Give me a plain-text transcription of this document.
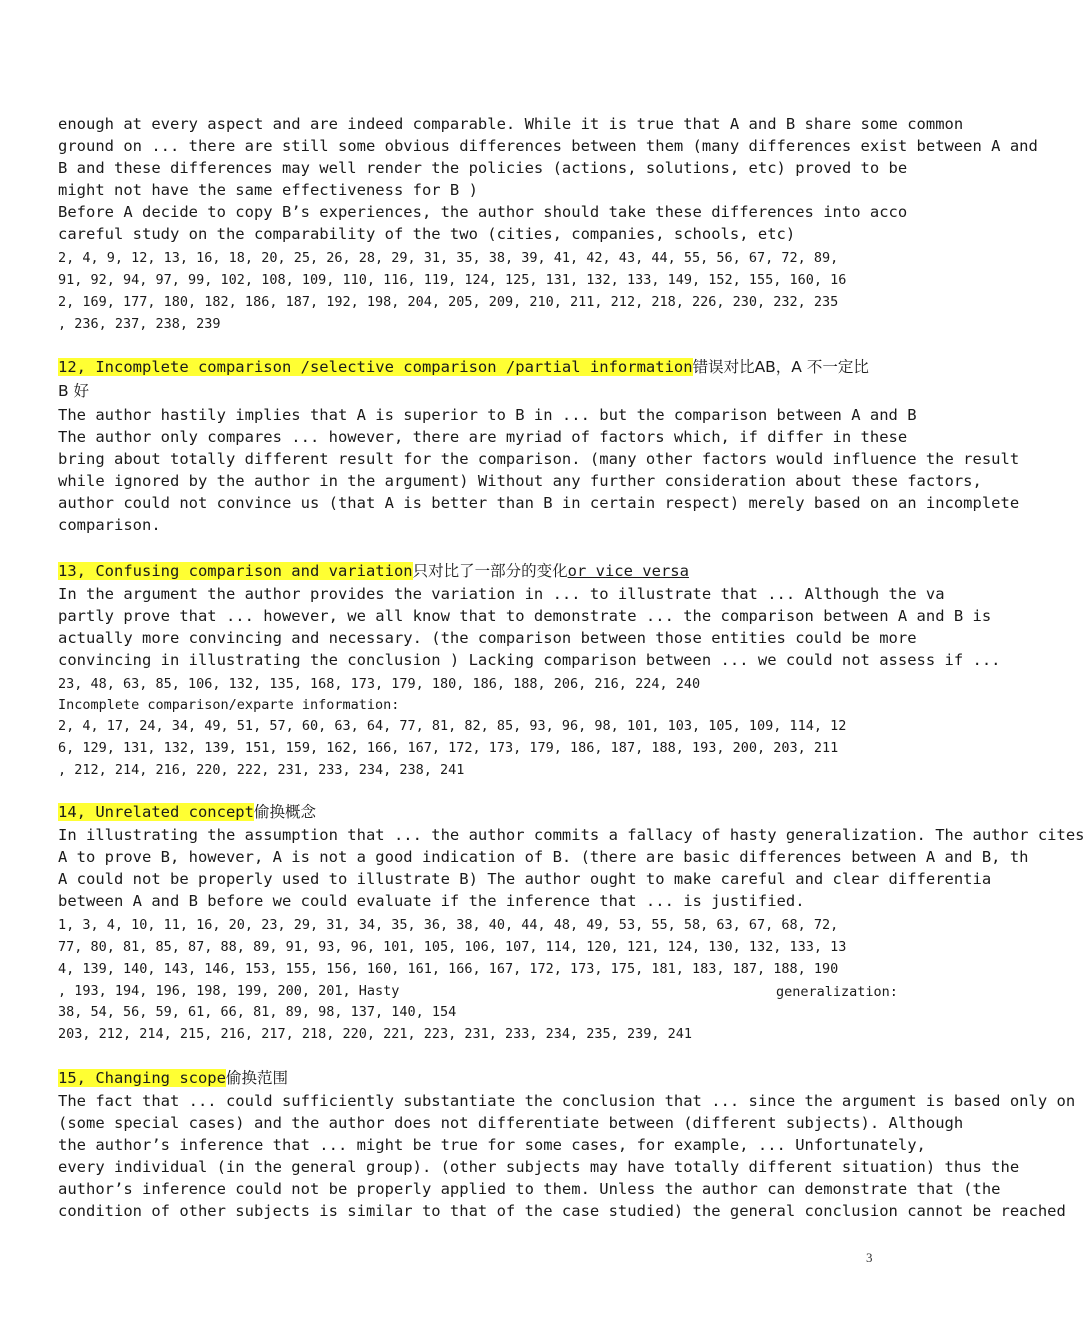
enough at every aspect and are indeed comparable. While it is true that A and B share some common
ground on ... there are still some obvious differences between them (many differences exist between A and
B and these differences may well render the policies (actions, solutions, etc) proved to be
might not have the same effectiveness for B )
Before A decide to copy B’s experiences, the author should take these differences into acco
careful study on the comparability of the two (cities, companies, schools, etc)
2, 4, 9, 12, 13, 16, 18, 20, 25, 26, 28, 29, 31, 35, 38, 39, 41, 42, 43, 44, 55, 56, 67, 72, 89,
91, 92, 94, 97, 99, 102, 108, 109, 110, 116, 119, 124, 125, 131, 132, 133, 149, 152, 155, 160, 16
2, 169, 177, 180, 182, 186, 187, 192, 198, 204, 205, 209, 210, 211, 212, 218, 226, 230, 232, 235
, 236, 237, 238, 239
12, Incomplete comparison /selective comparison /partial information错误对比AB，A 不一定比
B 好
The author hastily implies that A is superior to B in ... but the comparison between A and B
The author only compares ... however, there are myriad of factors which, if differ in these
bring about totally different result for the comparison. (many other factors would influence the result
while ignored by the author in the argument) Without any further consideration about these factors,
author could not convince us (that A is better than B in certain respect) merely based on an incomplete
comparison.
13, Confusing comparison and variation只对比了一部分的变化or vice versa
In the argument the author provides the variation in ... to illustrate that ... Although the va
partly prove that ... however, we all know that to demonstrate ... the comparison between A and B is
actually more convincing and necessary. (the comparison between those entities could be more
convincing in illustrating the conclusion ) Lacking comparison between ... we could not assess if ...
23, 48, 63, 85, 106, 132, 135, 168, 173, 179, 180, 186, 188, 206, 216, 224, 240
Incomplete comparison/exparte information:
2, 4, 17, 24, 34, 49, 51, 57, 60, 63, 64, 77, 81, 82, 85, 93, 96, 98, 101, 103, 105, 109, 114, 12
6, 129, 131, 132, 139, 151, 159, 162, 166, 167, 172, 173, 179, 186, 187, 188, 193, 200, 203, 211
, 212, 214, 216, 220, 222, 231, 233, 234, 238, 241
14, Unrelated concept偷换概念
In illustrating the assumption that ... the author commits a fallacy of hasty generalization. The author cites
A to prove B, however, A is not a good indication of B. (there are basic differences between A and B, th
A could not be properly used to illustrate B) The author ought to make careful and clear differentia
between A and B before we could evaluate if the inference that ... is justified.
1, 3, 4, 10, 11, 16, 20, 23, 29, 31, 34, 35, 36, 38, 40, 44, 48, 49, 53, 55, 58, 63, 67, 68, 72,
77, 80, 81, 85, 87, 88, 89, 91, 93, 96, 101, 105, 106, 107, 114, 120, 121, 124, 130, 132, 133, 13
4, 139, 140, 143, 146, 153, 155, 156, 160, 161, 166, 167, 172, 173, 175, 181, 183, 187, 188, 190
, 193, 194, 196, 198, 199, 200, 201, Hasty	generalization:
38, 54, 56, 59, 61, 66, 81, 89, 98, 137, 140, 154
203, 212, 214, 215, 216, 217, 218, 220, 221, 223, 231, 233, 234, 235, 239, 241
15, Changing scope偷换范围
The fact that ... could sufficiently substantiate the conclusion that ... since the argument is based only on
(some special cases) and the author does not differentiate between (different subjects). Although
the author’s inference that ... might be true for some cases, for example, ... Unfortunately,
every individual (in the general group). (other subjects may have totally different situation) thus the
author’s inference could not be properly applied to them. Unless the author can demonstrate that (the
condition of other subjects is similar to that of the case studied) the general conclusion cannot be reached
3
